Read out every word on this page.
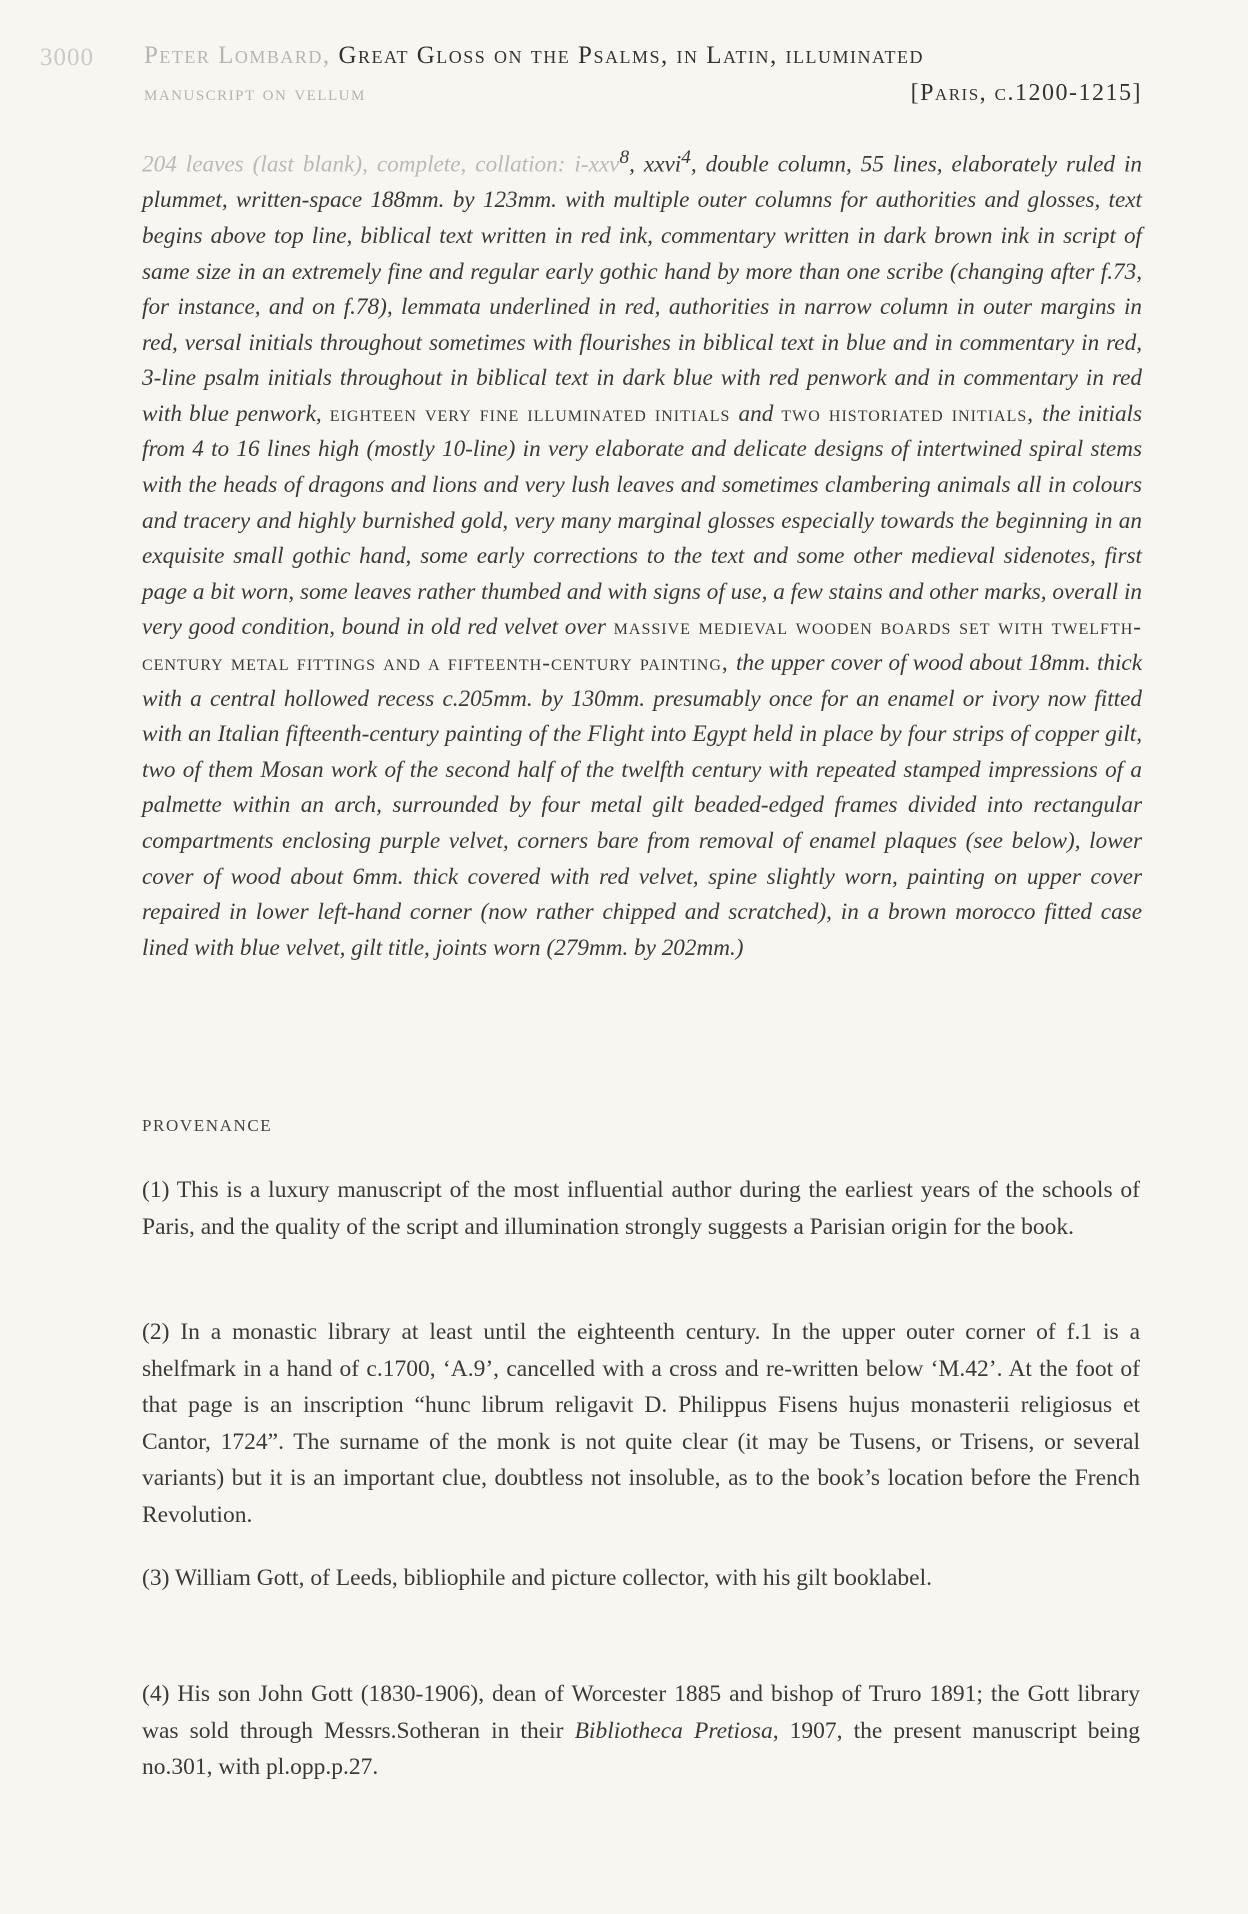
3000 Peter Lombard, Great Gloss on the Psalms, in Latin, illuminated
manuscript on vellum	[Paris, c.1200-1215]
204 leaves (last blank), complete, collation: i-xxv$^8$, xxvi$^4$, double column, 55 lines, elaborately ruled in plummet, written-space 188mm. by 123mm. with multiple outer columns for authorities and glosses, text begins above top line, biblical text written in red ink, commentary written in dark brown ink in script of same size in an extremely fine and regular early gothic hand by more than one scribe (changing after f.73, for instance, and on f.78), lemmata underlined in red, authorities in narrow column in outer margins in red, versal initials throughout sometimes with flourishes in biblical text in blue and in commentary in red, 3-line psalm initials throughout in biblical text in dark blue with red penwork and in commentary in red with blue penwork, eighteen very fine illuminated initials and two historiated initials, the initials from 4 to 16 lines high (mostly 10-line) in very elaborate and delicate designs of intertwined spiral stems with the heads of dragons and lions and very lush leaves and sometimes clambering animals all in colours and tracery and highly burnished gold, very many marginal glosses especially towards the beginning in an exquisite small gothic hand, some early corrections to the text and some other medieval sidenotes, first page a bit worn, some leaves rather thumbed and with signs of use, a few stains and other marks, overall in very good condition, bound in old red velvet over massive medieval wooden boards set with twelfth-century metal fittings and a fifteenth-century painting, the upper cover of wood about 18mm. thick with a central hollowed recess c.205mm. by 130mm. presumably once for an enamel or ivory now fitted with an Italian fifteenth-century painting of the Flight into Egypt held in place by four strips of copper gilt, two of them Mosan work of the second half of the twelfth century with repeated stamped impressions of a palmette within an arch, surrounded by four metal gilt beaded-edged frames divided into rectangular compartments enclosing purple velvet, corners bare from removal of enamel plaques (see below), lower cover of wood about 6mm. thick covered with red velvet, spine slightly worn, painting on upper cover repaired in lower left-hand corner (now rather chipped and scratched), in a brown morocco fitted case lined with blue velvet, gilt title, joints worn (279mm. by 202mm.)
PROVENANCE
(1) This is a luxury manuscript of the most influential author during the earliest years of the schools of Paris, and the quality of the script and illumination strongly suggests a Parisian origin for the book.
(2) In a monastic library at least until the eighteenth century. In the upper outer corner of f.1 is a shelfmark in a hand of c.1700, ‘A.9’, cancelled with a cross and re-written below ‘M.42’. At the foot of that page is an inscription “hunc librum religavit D. Philippus Fisens hujus monasterii religiosus et Cantor, 1724”. The surname of the monk is not quite clear (it may be Tusens, or Trisens, or several variants) but it is an important clue, doubtless not insoluble, as to the book’s location before the French Revolution.
(3) William Gott, of Leeds, bibliophile and picture collector, with his gilt booklabel.
(4) His son John Gott (1830-1906), dean of Worcester 1885 and bishop of Truro 1891; the Gott library was sold through Messrs.Sotheran in their Bibliotheca Pretiosa, 1907, the present manuscript being no.301, with pl.opp.p.27.
